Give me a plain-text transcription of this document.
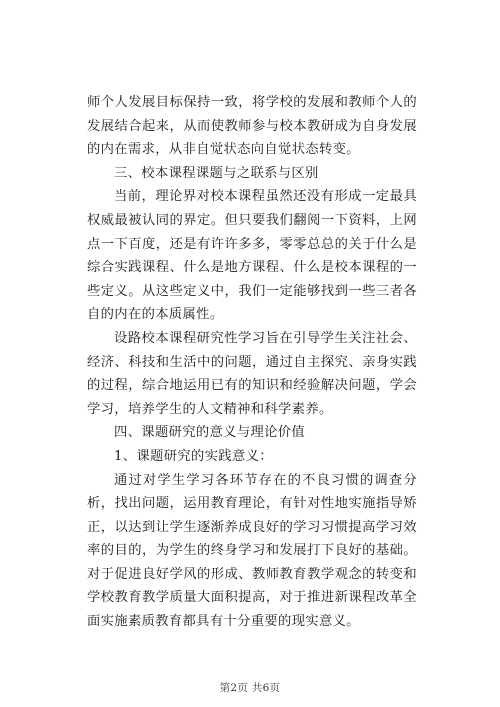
师个人发展目标保持一致，将学校的发展和教师个人的发展结合起来，从而使教师参与校本教研成为自身发展的内在需求，从非自觉状态向自觉状态转变。

三、校本课程课题与之联系与区别

当前，理论界对校本课程虽然还没有形成一定最具权威最被认同的界定。但只要我们翻阅一下资料，上网点一下百度，还是有许许多多，零零总总的关于什么是综合实践课程、什么是地方课程、什么是校本课程的一些定义。从这些定义中，我们一定能够找到一些三者各自的内在的本质属性。

设路校本课程研究性学习旨在引导学生关注社会、经济、科技和生活中的问题，通过自主探究、亲身实践的过程，综合地运用已有的知识和经验解决问题，学会学习，培养学生的人文精神和科学素养。

四、课题研究的意义与理论价值

1、课题研究的实践意义：

通过对学生学习各环节存在的不良习惯的调查分析，找出问题，运用教育理论，有针对性地实施指导矫正，以达到让学生逐渐养成良好的学习习惯提高学习效率的目的，为学生的终身学习和发展打下良好的基础。对于促进良好学风的形成、教师教育教学观念的转变和学校教育教学质量大面积提高，对于推进新课程改革全面实施素质教育都具有十分重要的现实意义。

第2页 共6页
